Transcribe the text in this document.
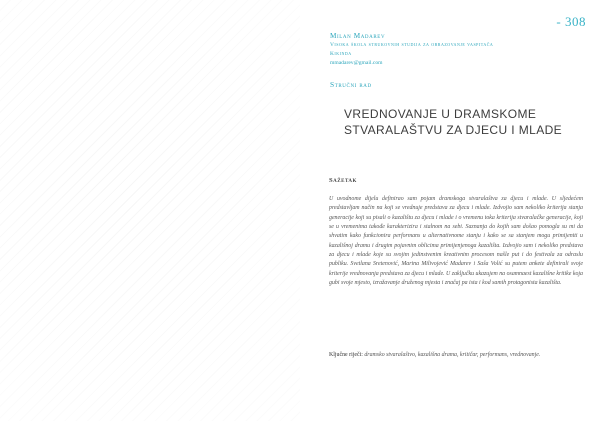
- 308

Milan Madarev

Visoka škola strukovnih studija za obrazovanje vaspitača

Kikinda

mmadarev@gmail.com

Stručni rad
VREDNOVANJE U DRAMSKOME STVARALAŠTVU ZA DJECU I MLADE
Sažetak

U uvodnome dijelu definirao sam pojam dramskoga stvaralaštva za djecu i mlade. U sljedećem predstavljam način na koji se vrednuje predstava za djecu i mlade. Izdvojio sam nekoliko kriterija stanja generacije koji su pisali o kazalištu za djecu i mlade i o vremenu toka kriterija stvaralačke generacije, koji se u vremenima takođe karakterizira i stalnom na sebi. Saznanja do kojih sam došao pomogla su mi da shvatim kako funkcionira performans u alternativnome stanju i kako se sa stanjem mogu primijeniti u kazališnoj dramu i drugim pojavnim oblicima primijenjenoga kazališta. Izdvojio sam i nekoliko predstava za djecu i mlade koje su svojim jedinstvenim kreativnim procesom našle put i do festivala za odraslu publiku. Svetlana Sretenović, Marina Milivojević Madarev i Saša Volić su putem ankete definirali svoje kriterije vrednovanja predstava za djecu i mlade. U zaključku ukazujem na osamnaest kazališne kritike koja gubi svoje mjesto, izražavanje druženog mjesta i značaj pa ista i kod samih protagonista kazališta.

Ključne riječi: dramsko stvaralaštvo, kazališna drama, kritičar, performans, vrednovanje.
